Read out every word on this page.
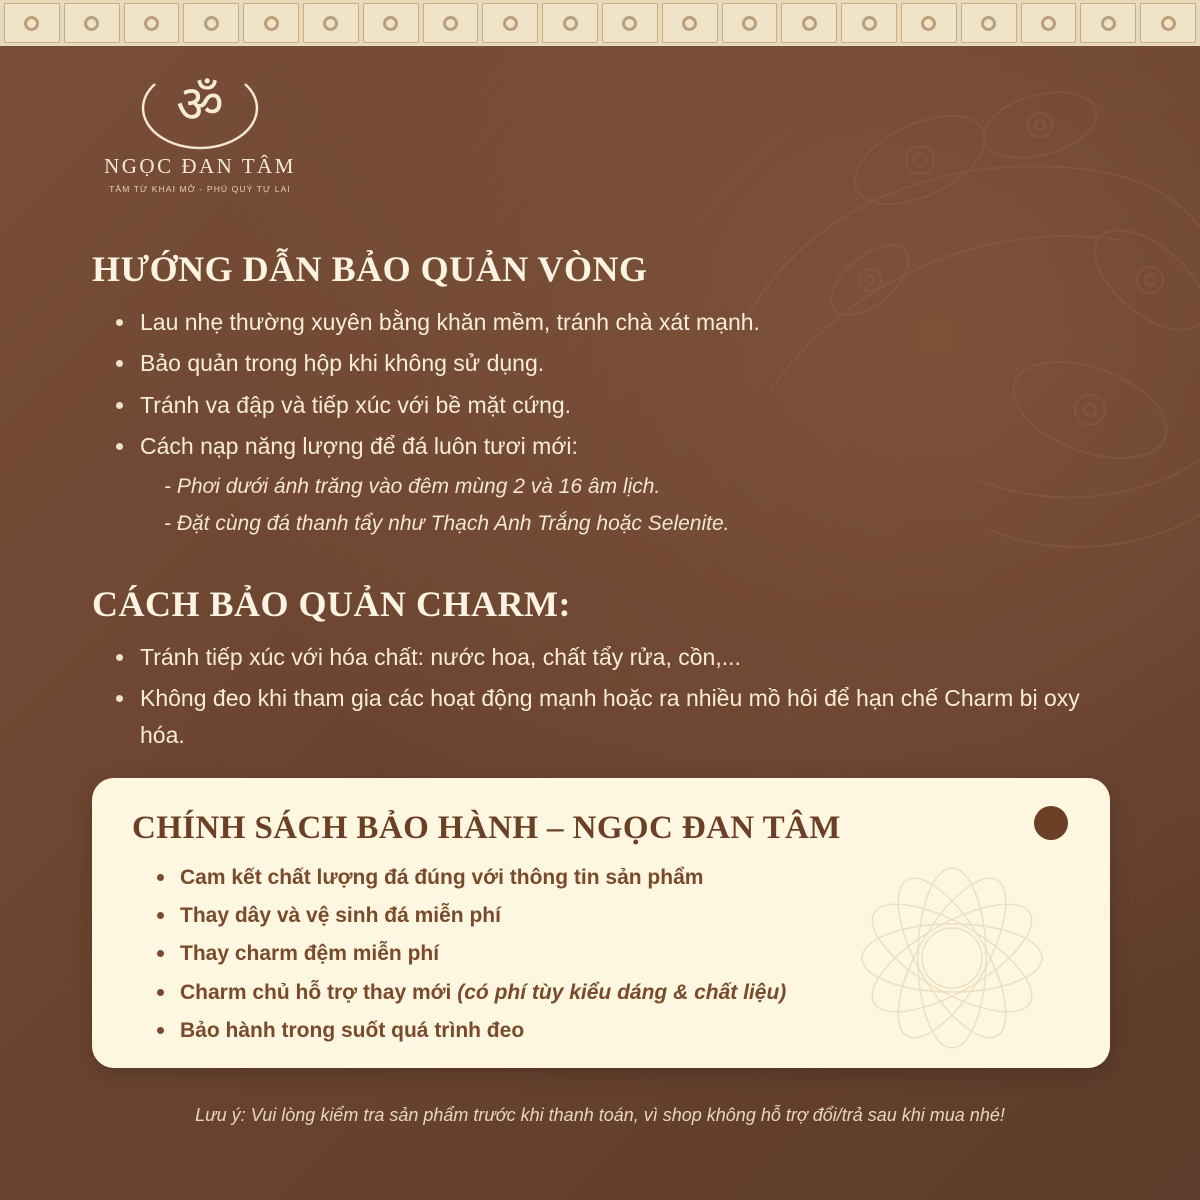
ॐ
NGỌC ĐAN TÂM
TÂM TỪ KHAI MỞ - PHÚ QUÝ TỰ LAI
HƯỚNG DẪN BẢO QUẢN VÒNG
Lau nhẹ thường xuyên bằng khăn mềm, tránh chà xát mạnh.
Bảo quản trong hộp khi không sử dụng.
Tránh va đập và tiếp xúc với bề mặt cứng.
Cách nạp năng lượng để đá luôn tươi mới:
- Phơi dưới ánh trăng vào đêm mùng 2 và 16 âm lịch.
- Đặt cùng đá thanh tẩy như Thạch Anh Trắng hoặc Selenite.
CÁCH BẢO QUẢN CHARM:
Tránh tiếp xúc với hóa chất: nước hoa, chất tẩy rửa, cồn,...
Không đeo khi tham gia các hoạt động mạnh hoặc ra nhiều mồ hôi để hạn chế Charm bị oxy hóa.
CHÍNH SÁCH BẢO HÀNH – NGỌC ĐAN TÂM
Cam kết chất lượng đá đúng với thông tin sản phẩm
Thay dây và vệ sinh đá miễn phí
Thay charm đệm miễn phí
Charm chủ hỗ trợ thay mới (có phí tùy kiểu dáng & chất liệu)
Bảo hành trong suốt quá trình đeo
Lưu ý: Vui lòng kiểm tra sản phẩm trước khi thanh toán, vì shop không hỗ trợ đổi/trả sau khi mua nhé!
